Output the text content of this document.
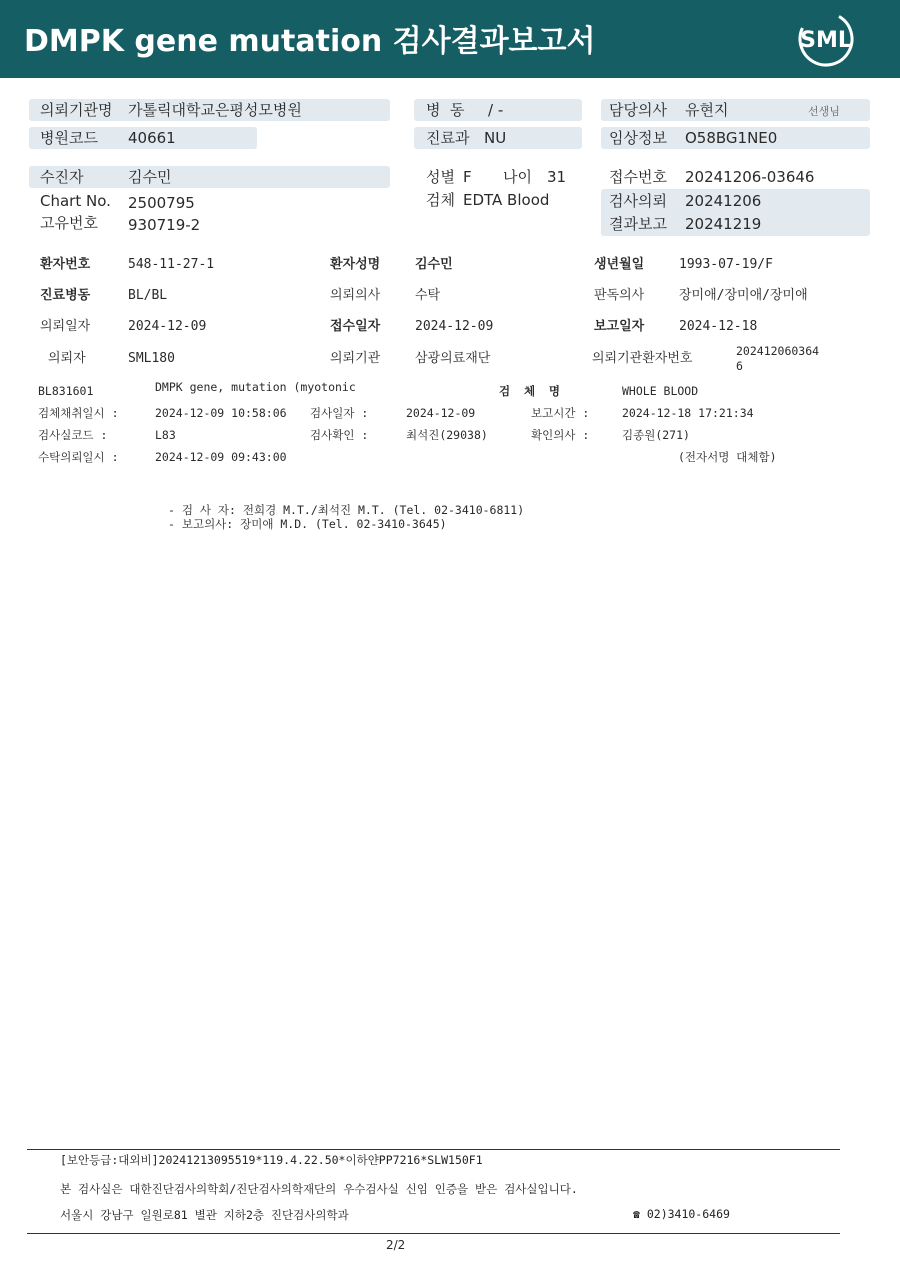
DMPK gene mutation 검사결과보고서	SML
의뢰기관명 가톨릭대학교은평성모병원
병원코드 40661
병  동 / -
진료과 NU
담당의사 유현지	선생님
임상정보 O58BG1NE0
수진자	김수민
Chart No. 2500795
고유번호 930719-2
성별 F 나이 31
검체 EDTA Blood
접수번호 20241206-03646
검사의뢰 20241206
결과보고 20241219
환자번호	548-11-27-1	환자성명	김수민	생년월일	1993-07-19/F
진료병동	BL/BL	의뢰의사	수탁	판독의사	장미애/장미애/장미애
의뢰일자	2024-12-09	접수일자	2024-12-09	보고일자	2024-12-18
의뢰자	SML180	의뢰기관	삼광의료재단	의뢰기관환자번호	202412060364
6
BL831601	DMPK gene, mutation (myotonic	검  체  명	WHOLE BLOOD
검체채취일시 :	2024-12-09 10:58:06 검사일자 :	2024-12-09	보고시간 :	2024-12-18 17:21:34
검사실코드 :	L83	검사확인 :	최석진(29038)	확인의사 :	김종원(271)
수탁의뢰일시 :	2024-12-09 09:43:00	(전자서명 대체함)
- 검 사 자: 전희경 M.T./최석진 M.T. (Tel. 02-3410-6811)
- 보고의사: 장미애 M.D. (Tel. 02-3410-3645)
[보안등급:대외비]20241213095519*119.4.22.50*이하얀PP7216*SLW150F1
본 검사실은 대한진단검사의학회/진단검사의학재단의 우수검사실 신임 인증을 받은 검사실입니다.
서울시 강남구 일원로81 별관 지하2층 진단검사의학과	☎ 02)3410-6469
2/2
